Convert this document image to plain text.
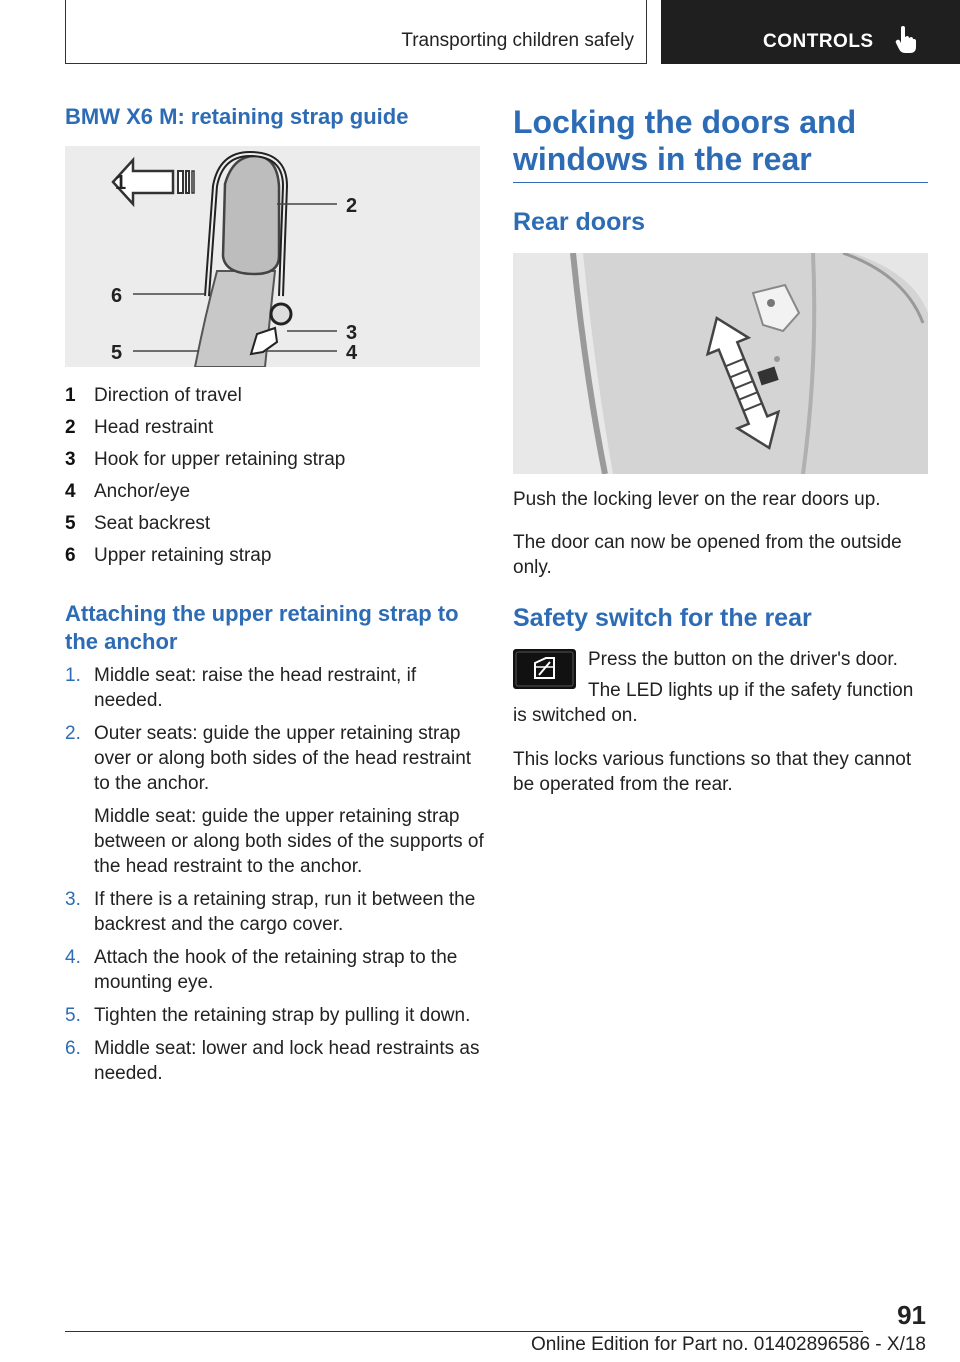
Transporting children safely	CONTROLS
BMW X6 M: retaining strap guide
1
2
3
4
5
6
1 Direction of travel
2 Head restraint
3 Hook for upper retaining strap
4 Anchor/eye
5 Seat backrest
6 Upper retaining strap
Attaching the upper retaining strap to the anchor
1. Middle seat: raise the head restraint, if needed.

2. Outer seats: guide the upper retaining strap over or along both sides of the head restraint to the anchor.

Middle seat: guide the upper retaining strap between or along both sides of the supports of the head restraint to the anchor.

3. If there is a retaining strap, run it between the backrest and the cargo cover.

4. Attach the hook of the retaining strap to the mounting eye.

5. Tighten the retaining strap by pulling it down.

6. Middle seat: lower and lock head restraints as needed.

Locking the doors and windows in the rear
Rear doors

Push the locking lever on the rear doors up.

The door can now be opened from the outside only.

Safety switch for the rear
Press the button on the driver's door.

The LED lights up if the safety function is switched on.

This locks various functions so that they cannot be operated from the rear.

91
Online Edition for Part no. 01402896586 - X/18
